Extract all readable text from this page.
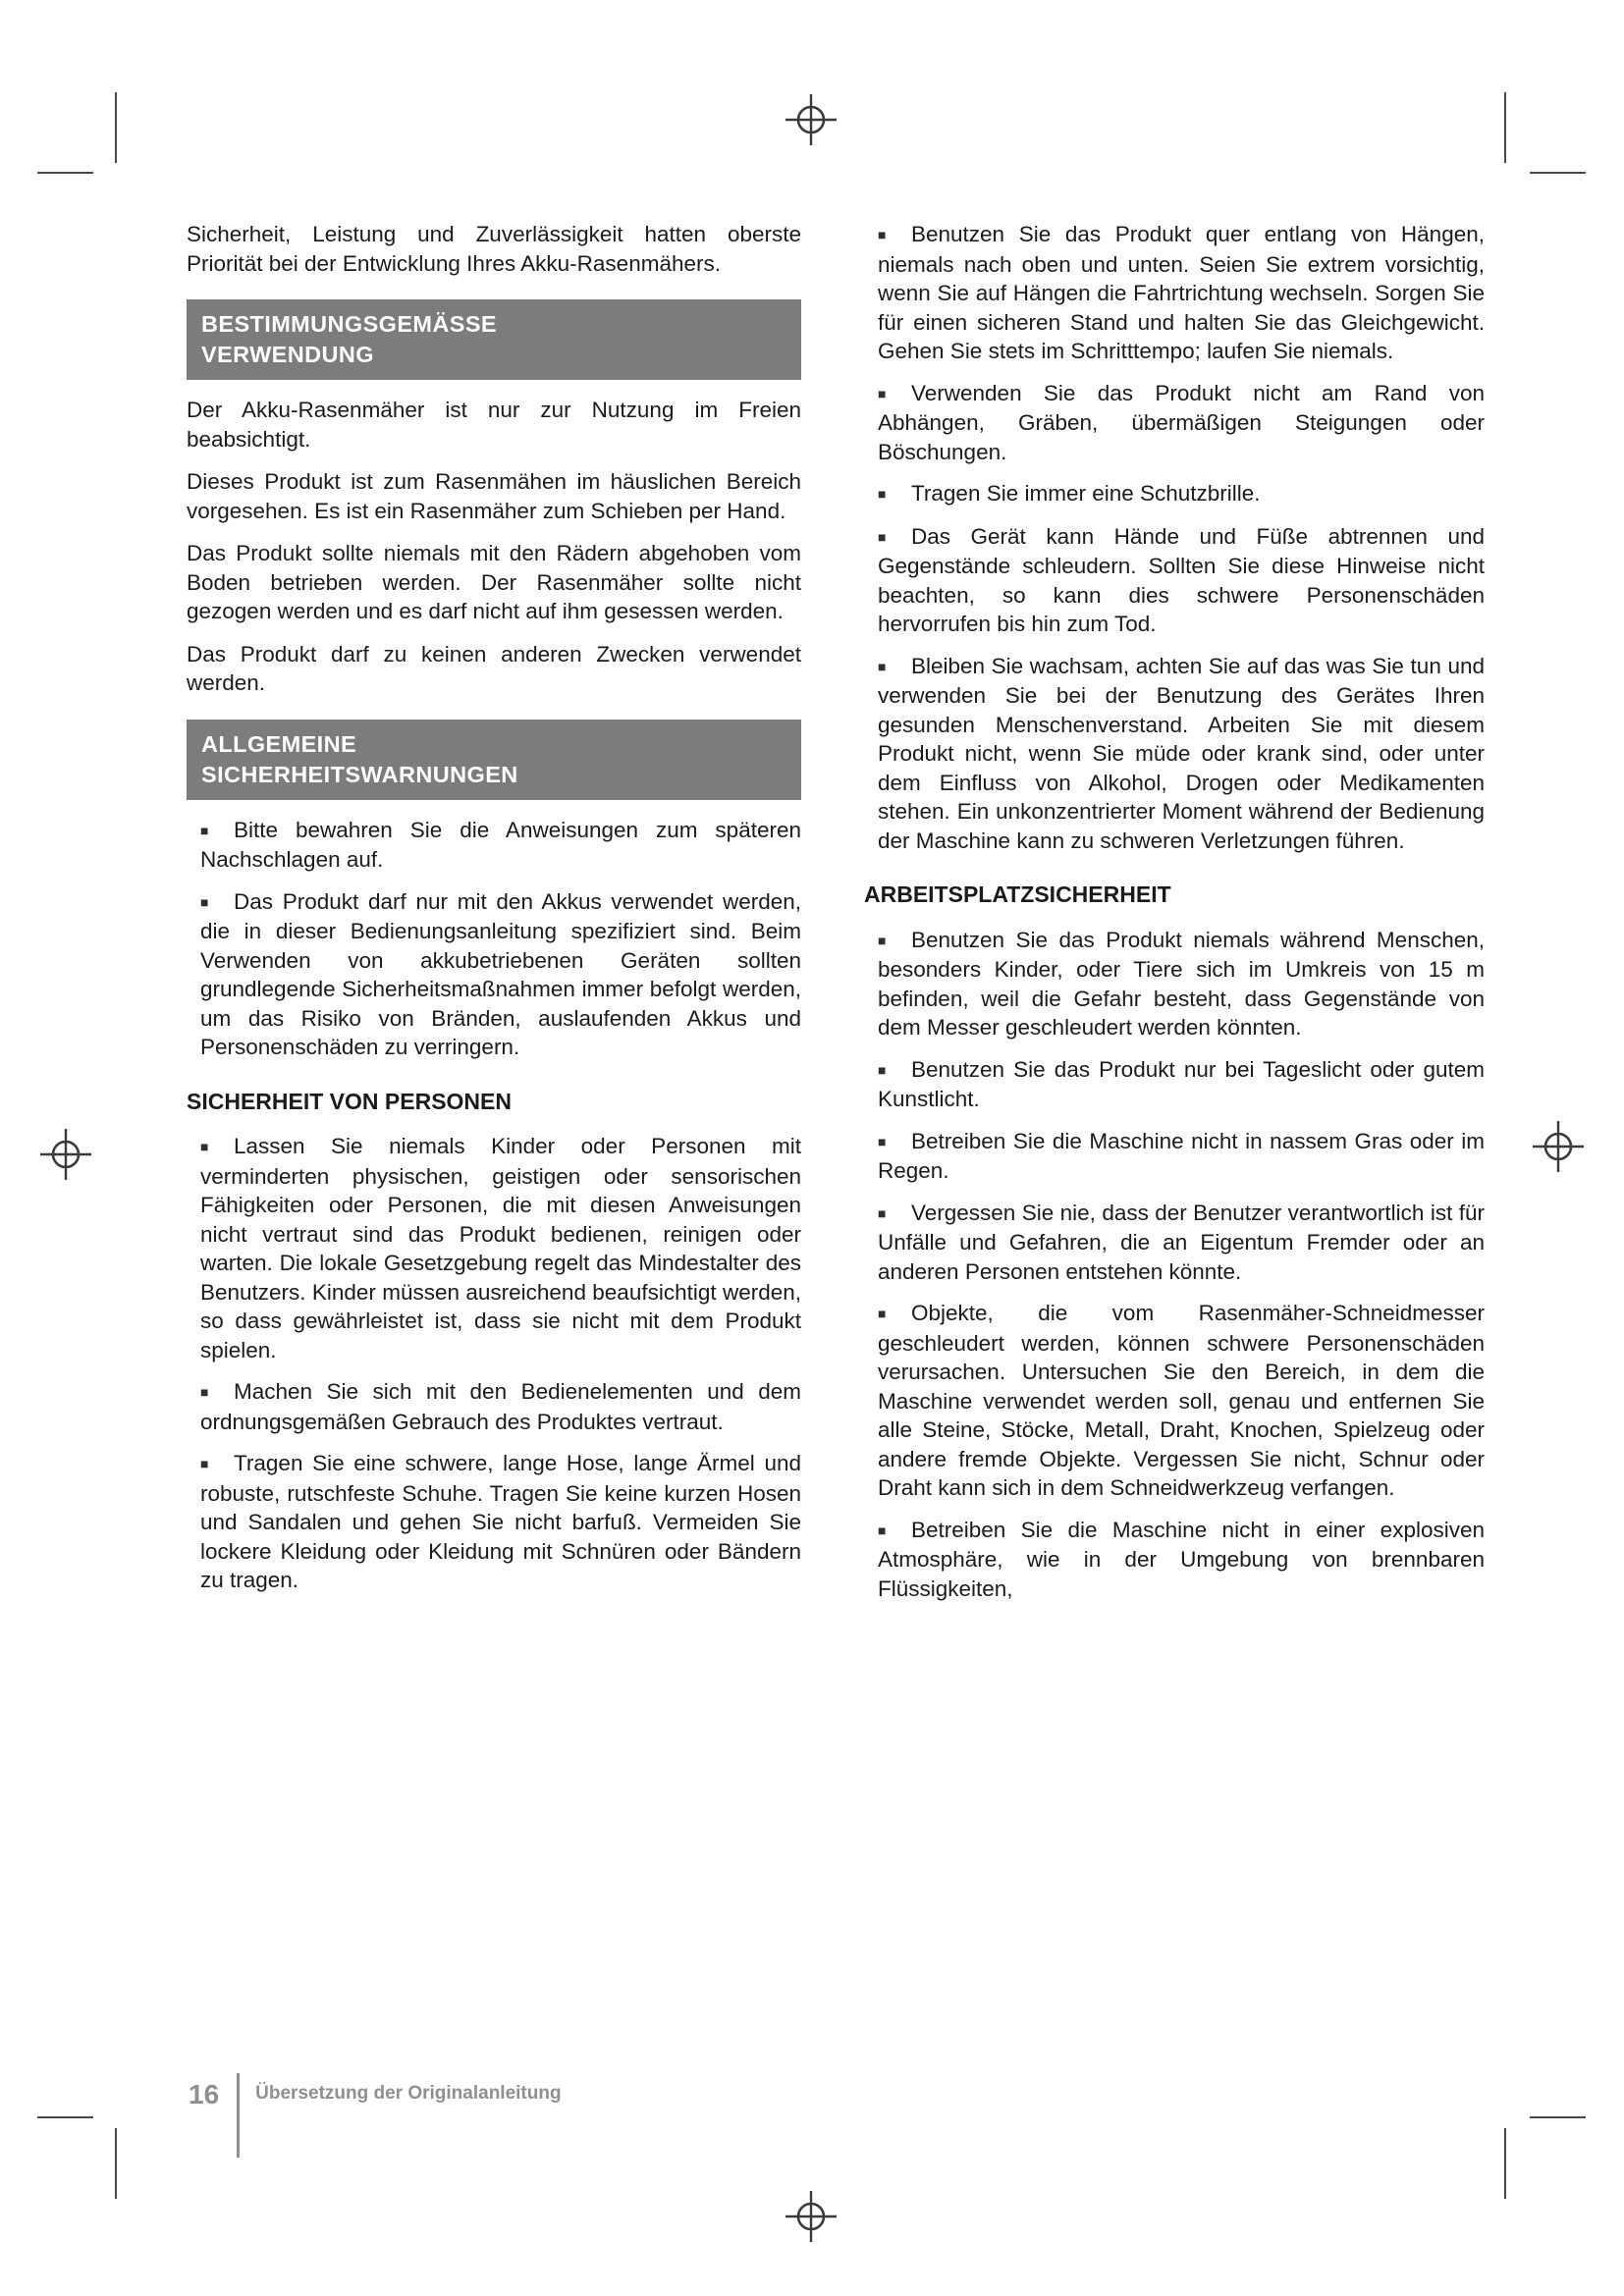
Sicherheit, Leistung und Zuverlässigkeit hatten oberste Priorität bei der Entwicklung Ihres Akku-Rasenmähers.

BESTIMMUNGSGEMÄSSE
VERWENDUNG

Der Akku-Rasenmäher ist nur zur Nutzung im Freien beabsichtigt.

Dieses Produkt ist zum Rasenmähen im häuslichen Bereich vorgesehen. Es ist ein Rasenmäher zum Schieben per Hand.

Das Produkt sollte niemals mit den Rädern abgehoben vom Boden betrieben werden. Der Rasenmäher sollte nicht gezogen werden und es darf nicht auf ihm gesessen werden.

Das Produkt darf zu keinen anderen Zwecken verwendet werden.

ALLGEMEINE
SICHERHEITSWARNUNGEN
■ Bitte bewahren Sie die Anweisungen zum späteren Nachschlagen auf.
■ Das Produkt darf nur mit den Akkus verwendet werden, die in dieser Bedienungsanleitung spezifiziert sind. Beim Verwenden von akkubetriebenen Geräten sollten grundlegende Sicherheitsmaßnahmen immer befolgt werden, um das Risiko von Bränden, auslaufenden Akkus und Personenschäden zu verringern.
SICHERHEIT VON PERSONEN
■ Lassen Sie niemals Kinder oder Personen mit verminderten physischen, geistigen oder sensorischen Fähigkeiten oder Personen, die mit diesen Anweisungen nicht vertraut sind das Produkt bedienen, reinigen oder warten. Die lokale Gesetzgebung regelt das Mindestalter des Benutzers. Kinder müssen ausreichend beaufsichtigt werden, so dass gewährleistet ist, dass sie nicht mit dem Produkt spielen.
■ Machen Sie sich mit den Bedienelementen und dem ordnungsgemäßen Gebrauch des Produktes vertraut.
■ Tragen Sie eine schwere, lange Hose, lange Ärmel und robuste, rutschfeste Schuhe. Tragen Sie keine kurzen Hosen und Sandalen und gehen Sie nicht barfuß. Vermeiden Sie lockere Kleidung oder Kleidung mit Schnüren oder Bändern zu tragen.
■ Benutzen Sie das Produkt quer entlang von Hängen, niemals nach oben und unten. Seien Sie extrem vorsichtig, wenn Sie auf Hängen die Fahrtrichtung wechseln. Sorgen Sie für einen sicheren Stand und halten Sie das Gleichgewicht. Gehen Sie stets im Schritttempo; laufen Sie niemals.
■ Verwenden Sie das Produkt nicht am Rand von Abhängen, Gräben, übermäßigen Steigungen oder Böschungen.
■ Tragen Sie immer eine Schutzbrille.
■ Das Gerät kann Hände und Füße abtrennen und Gegenstände schleudern. Sollten Sie diese Hinweise nicht beachten, so kann dies schwere Personenschäden hervorrufen bis hin zum Tod.
■ Bleiben Sie wachsam, achten Sie auf das was Sie tun und verwenden Sie bei der Benutzung des Gerätes Ihren gesunden Menschenverstand. Arbeiten Sie mit diesem Produkt nicht, wenn Sie müde oder krank sind, oder unter dem Einfluss von Alkohol, Drogen oder Medikamenten stehen. Ein unkonzentrierter Moment während der Bedienung der Maschine kann zu schweren Verletzungen führen.
ARBEITSPLATZSICHERHEIT
■ Benutzen Sie das Produkt niemals während Menschen, besonders Kinder, oder Tiere sich im Umkreis von 15 m befinden, weil die Gefahr besteht, dass Gegenstände von dem Messer geschleudert werden könnten.
■ Benutzen Sie das Produkt nur bei Tageslicht oder gutem Kunstlicht.
■ Betreiben Sie die Maschine nicht in nassem Gras oder im Regen.
■ Vergessen Sie nie, dass der Benutzer verantwortlich ist für Unfälle und Gefahren, die an Eigentum Fremder oder an anderen Personen entstehen könnte.
■ Objekte, die vom Rasenmäher-Schneidmesser geschleudert werden, können schwere Personenschäden verursachen. Untersuchen Sie den Bereich, in dem die Maschine verwendet werden soll, genau und entfernen Sie alle Steine, Stöcke, Metall, Draht, Knochen, Spielzeug oder andere fremde Objekte. Vergessen Sie nicht, Schnur oder Draht kann sich in dem Schneidwerkzeug verfangen.
■ Betreiben Sie die Maschine nicht in einer explosiven Atmosphäre, wie in der Umgebung von brennbaren Flüssigkeiten,
16	Übersetzung der Originalanleitung
